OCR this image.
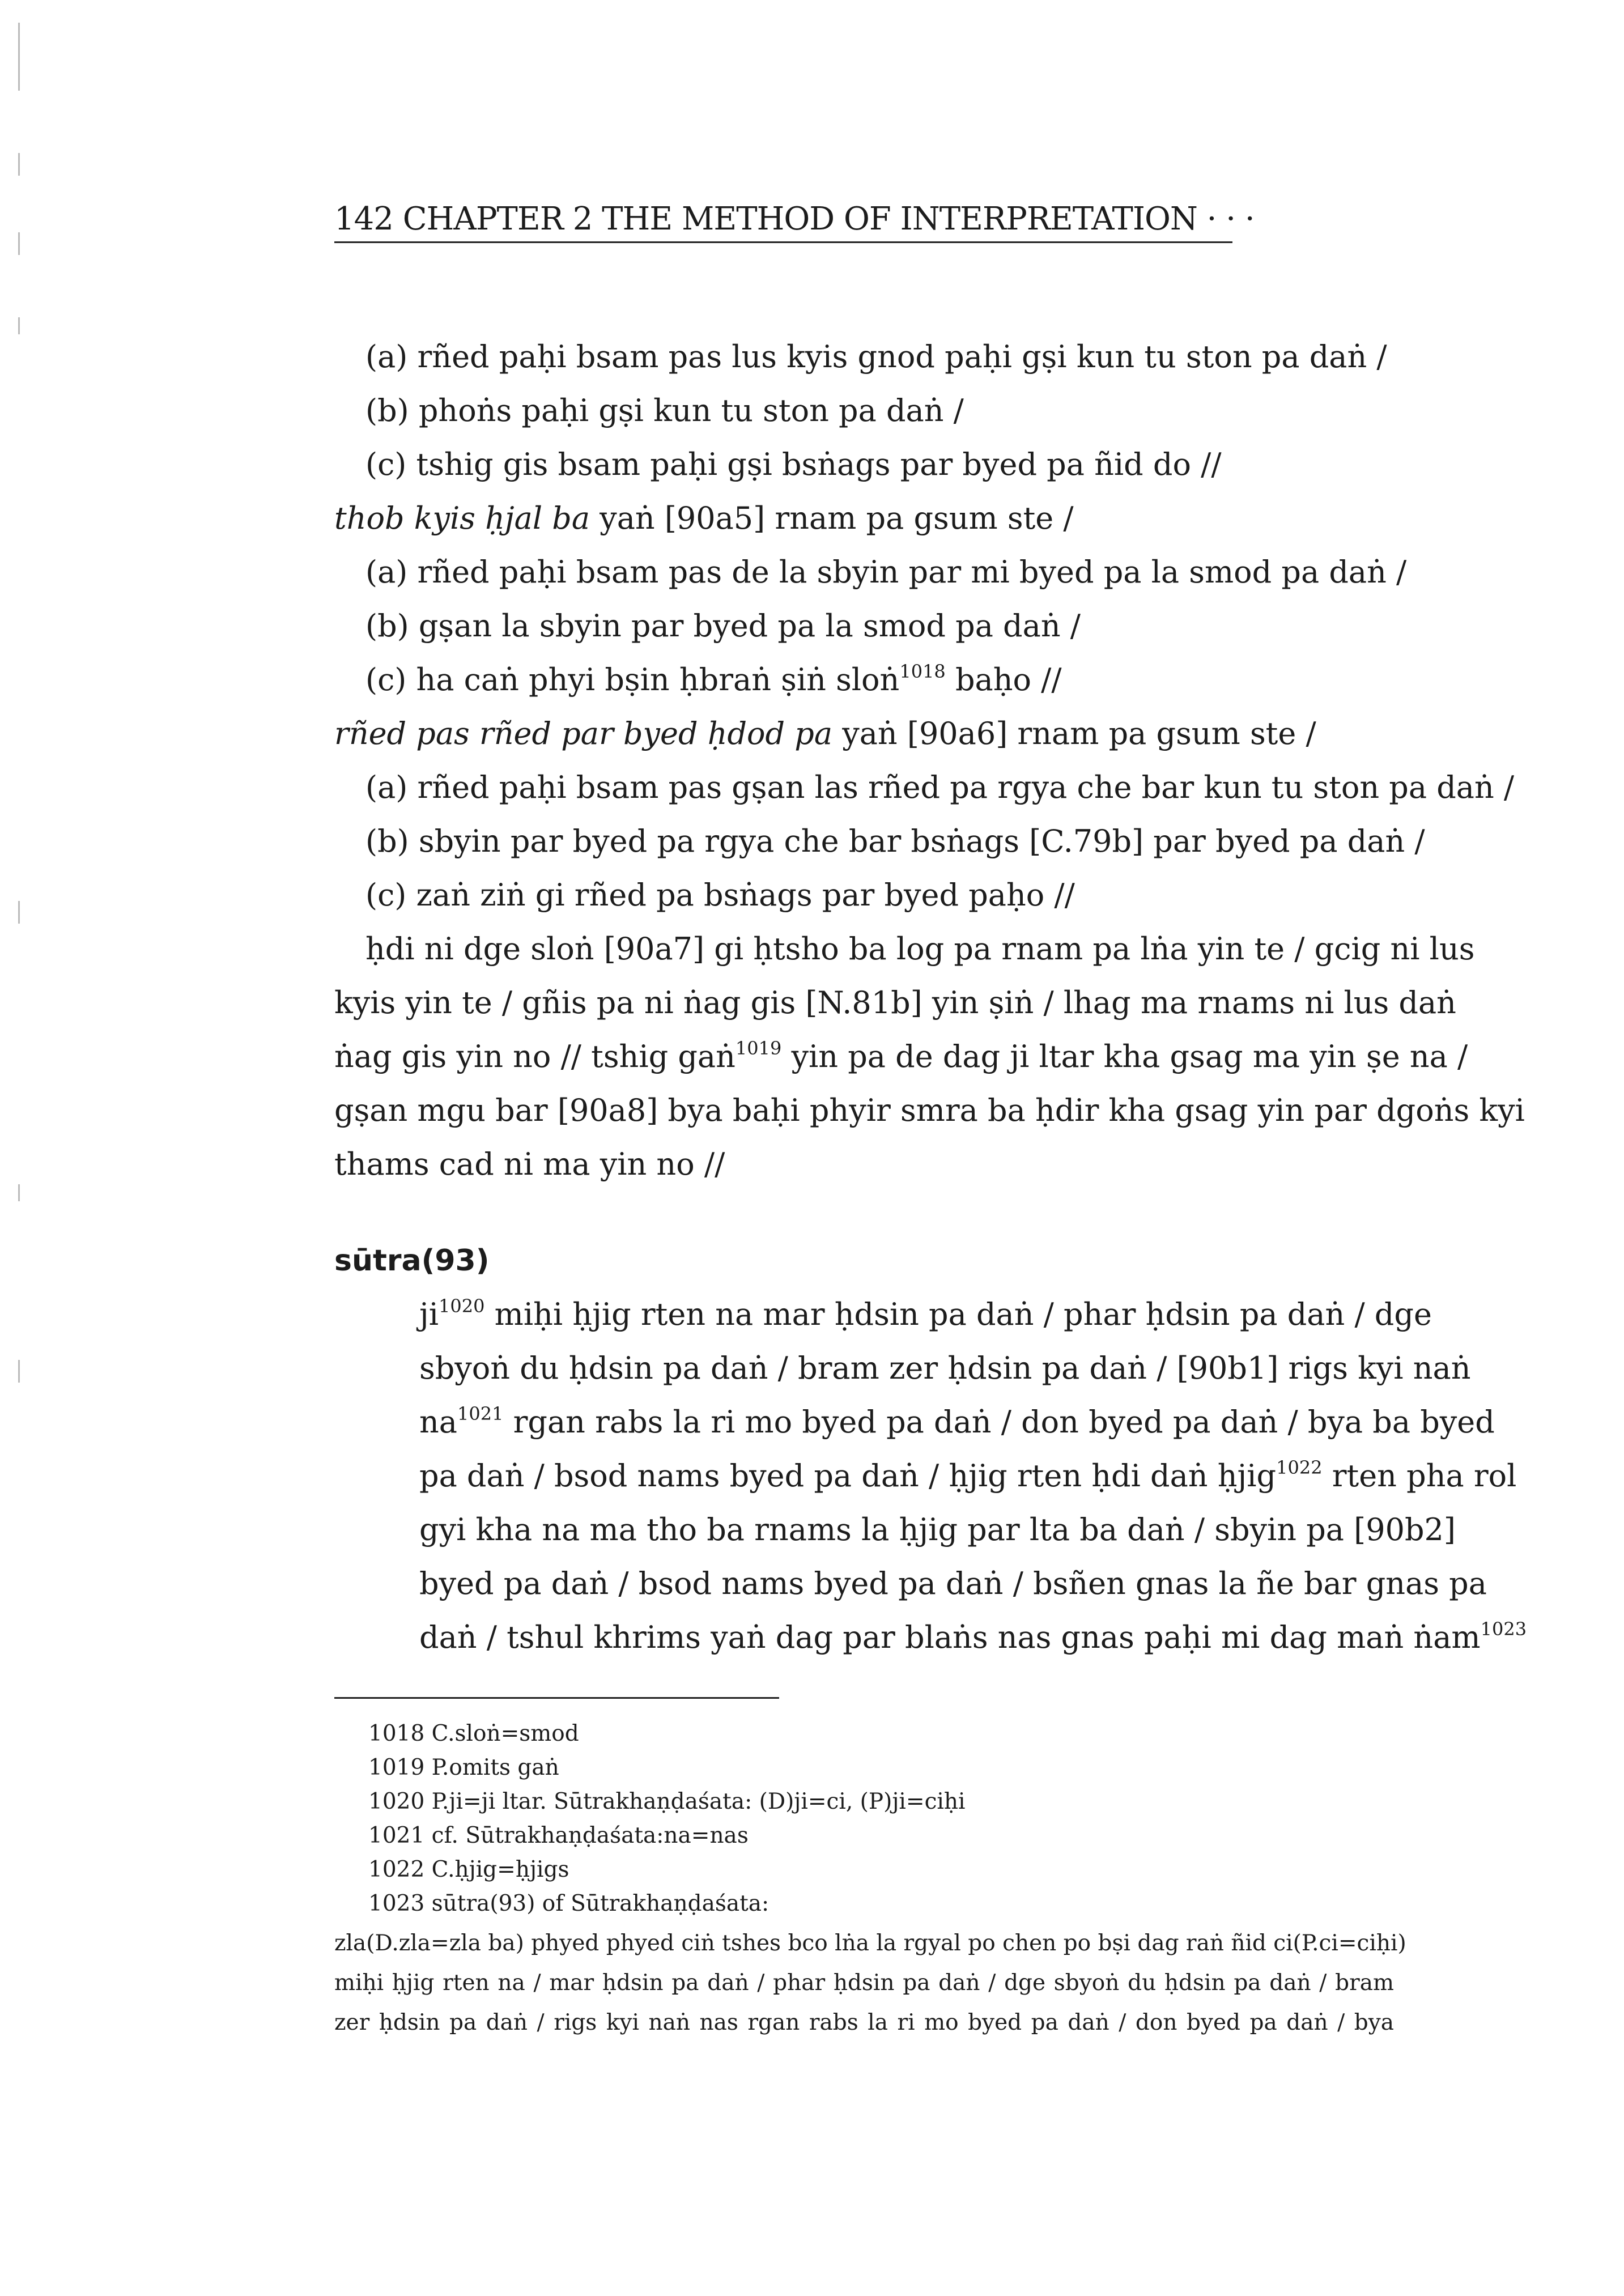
142 CHAPTER 2 THE METHOD OF INTERPRETATION · · ·
(a) rñed paḥi bsam pas lus kyis gnod paḥi gṣi kun tu ston pa daṅ /
(b) phoṅs paḥi gṣi kun tu ston pa daṅ /
(c) tshig gis bsam paḥi gṣi bsṅags par byed pa ñid do //
thob kyis ḥjal ba yaṅ [90a5] rnam pa gsum ste /
(a) rñed paḥi bsam pas de la sbyin par mi byed pa la smod pa daṅ /
(b) gṣan la sbyin par byed pa la smod pa daṅ /
(c) ha caṅ phyi bṣin ḥbraṅ ṣiṅ sloṅ$^{1018}$ baḥo //
rñed pas rñed par byed ḥdod pa yaṅ [90a6] rnam pa gsum ste /
(a) rñed paḥi bsam pas gṣan las rñed pa rgya che bar kun tu ston pa daṅ /
(b) sbyin par byed pa rgya che bar bsṅags [C.79b] par byed pa daṅ /
(c) zaṅ ziṅ gi rñed pa bsṅags par byed paḥo //
ḥdi ni dge sloṅ [90a7] gi ḥtsho ba log pa rnam pa lṅa yin te / gcig ni lus
kyis yin te / gñis pa ni ṅag gis [N.81b] yin ṣiṅ / lhag ma rnams ni lus daṅ
ṅag gis yin no // tshig gaṅ$^{1019}$ yin pa de dag ji ltar kha gsag ma yin ṣe na /
gṣan mgu bar [90a8] bya baḥi phyir smra ba ḥdir kha gsag yin par dgoṅs kyi
thams cad ni ma yin no //
sūtra(93)
$ji^{1020}$ miḥi ḥjig rten na mar ḥdsin pa daṅ / phar ḥdsin pa daṅ / dge
sbyoṅ du ḥdsin pa daṅ / bram zer ḥdsin pa daṅ / [90b1] rigs kyi naṅ
$na^{1021}$ rgan rabs la ri mo byed pa daṅ / don byed pa daṅ / bya ba byed
pa daṅ / bsod nams byed pa daṅ / ḥjig rten ḥdi daṅ ḥjig$^{1022}$ rten pha rol
gyi kha na ma tho ba rnams la ḥjig par lta ba daṅ / sbyin pa [90b2]
byed pa daṅ / bsod nams byed pa daṅ / bsñen gnas la ñe bar gnas pa
daṅ / tshul khrims yaṅ dag par blaṅs nas gnas paḥi mi dag maṅ ṅam$^{1023}$
1018 C.sloṅ=smod
1019 P.omits gaṅ
1020 P.ji=ji ltar. Sūtrakhaṇḍaśata: (D)ji=ci, (P)ji=ciḥi
1021 cf. Sūtrakhaṇḍaśata:na=nas
1022 C.ḥjig=ḥjigs
1023 sūtra(93) of Sūtrakhaṇḍaśata:
zla(D.zla=zla ba) phyed phyed ciṅ tshes bco lṅa la rgyal po chen po bṣi dag raṅ ñid ci(P.ci=ciḥi)
miḥi ḥjig rten na / mar ḥdsin pa daṅ / phar ḥdsin pa daṅ / dge sbyoṅ du ḥdsin pa daṅ / bram
zer ḥdsin pa daṅ / rigs kyi naṅ nas rgan rabs la ri mo byed pa daṅ / don byed pa daṅ / bya
